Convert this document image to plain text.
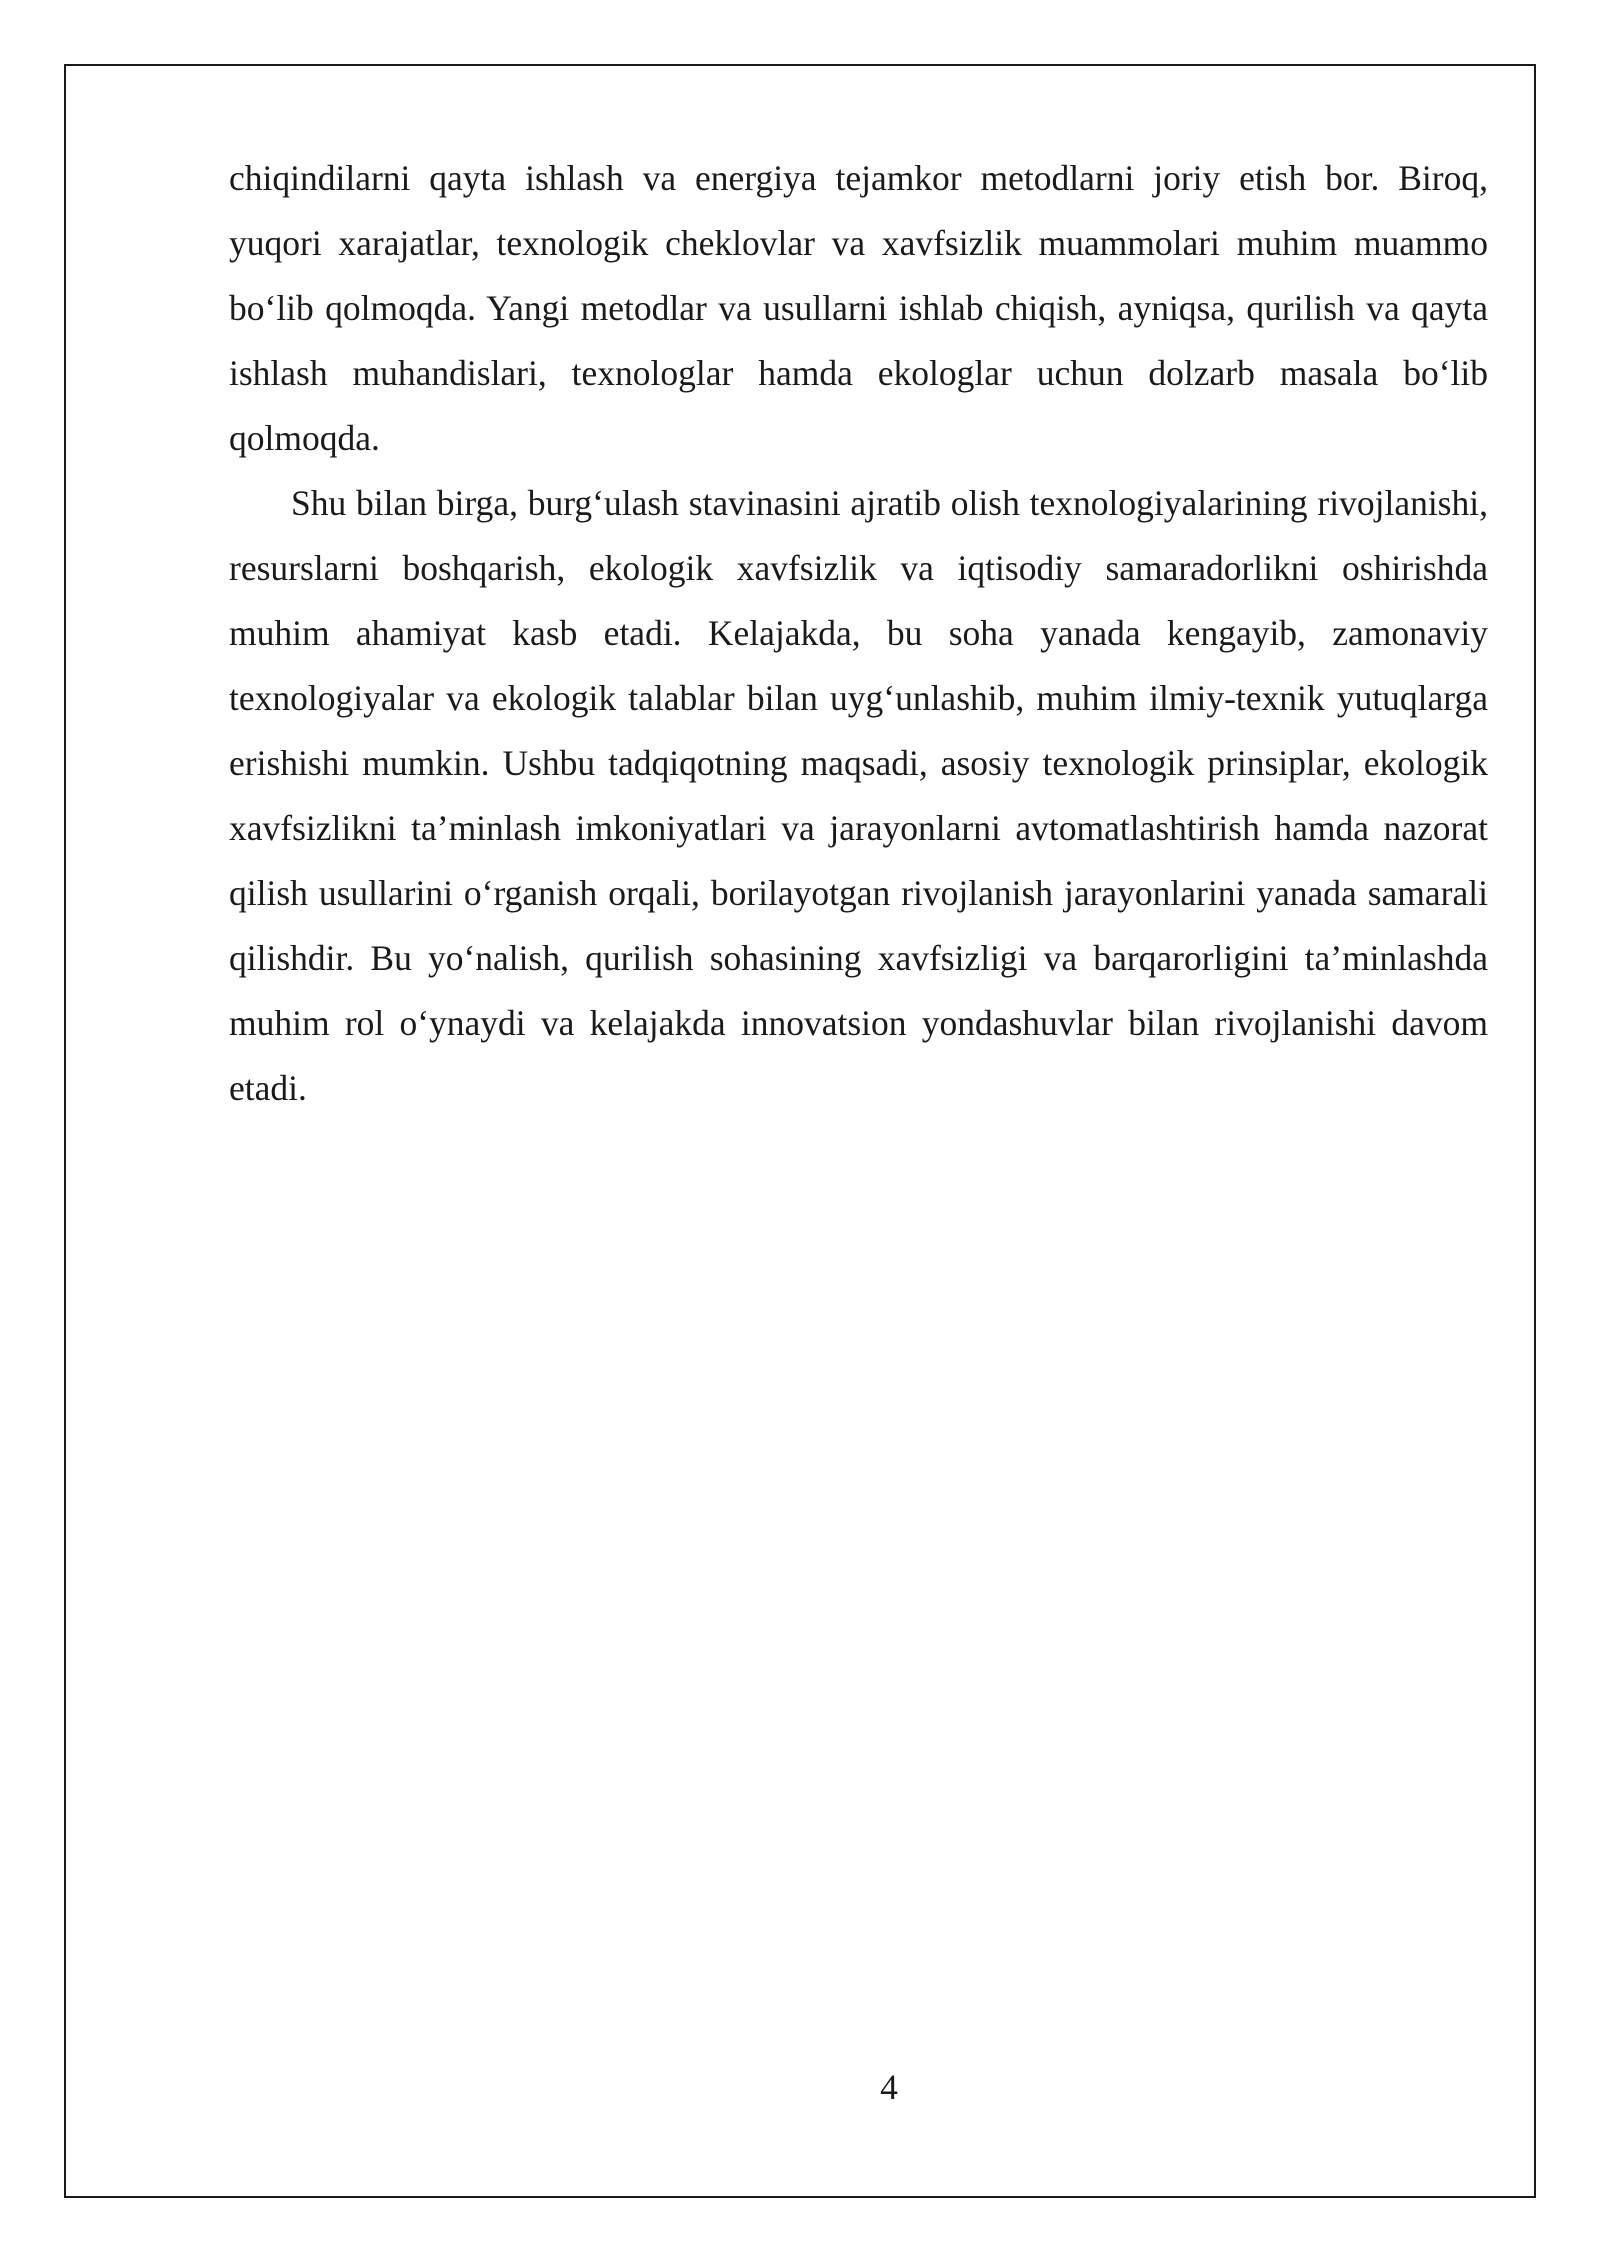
chiqindilarni qayta ishlash va energiya tejamkor metodlarni joriy etish bor. Biroq, yuqori xarajatlar, texnologik cheklovlar va xavfsizlik muammolari muhim muammo bo‘lib qolmoqda. Yangi metodlar va usullarni ishlab chiqish, ayniqsa, qurilish va qayta ishlash muhandislari, texnologlar hamda ekologlar uchun dolzarb masala bo‘lib qolmoqda.

Shu bilan birga, burg‘ulash stavinasini ajratib olish texnologiyalarining rivojlanishi, resurslarni boshqarish, ekologik xavfsizlik va iqtisodiy samaradorlikni oshirishda muhim ahamiyat kasb etadi. Kelajakda, bu soha yanada kengayib, zamonaviy texnologiyalar va ekologik talablar bilan uyg‘unlashib, muhim ilmiy-texnik yutuqlarga erishishi mumkin. Ushbu tadqiqotning maqsadi, asosiy texnologik prinsiplar, ekologik xavfsizlikni ta’minlash imkoniyatlari va jarayonlarni avtomatlashtirish hamda nazorat qilish usullarini o‘rganish orqali, borilayotgan rivojlanish jarayonlarini yanada samarali qilishdir. Bu yo‘nalish, qurilish sohasining xavfsizligi va barqarorligini ta’minlashda muhim rol o‘ynaydi va kelajakda innovatsion yondashuvlar bilan rivojlanishi davom etadi.

4
